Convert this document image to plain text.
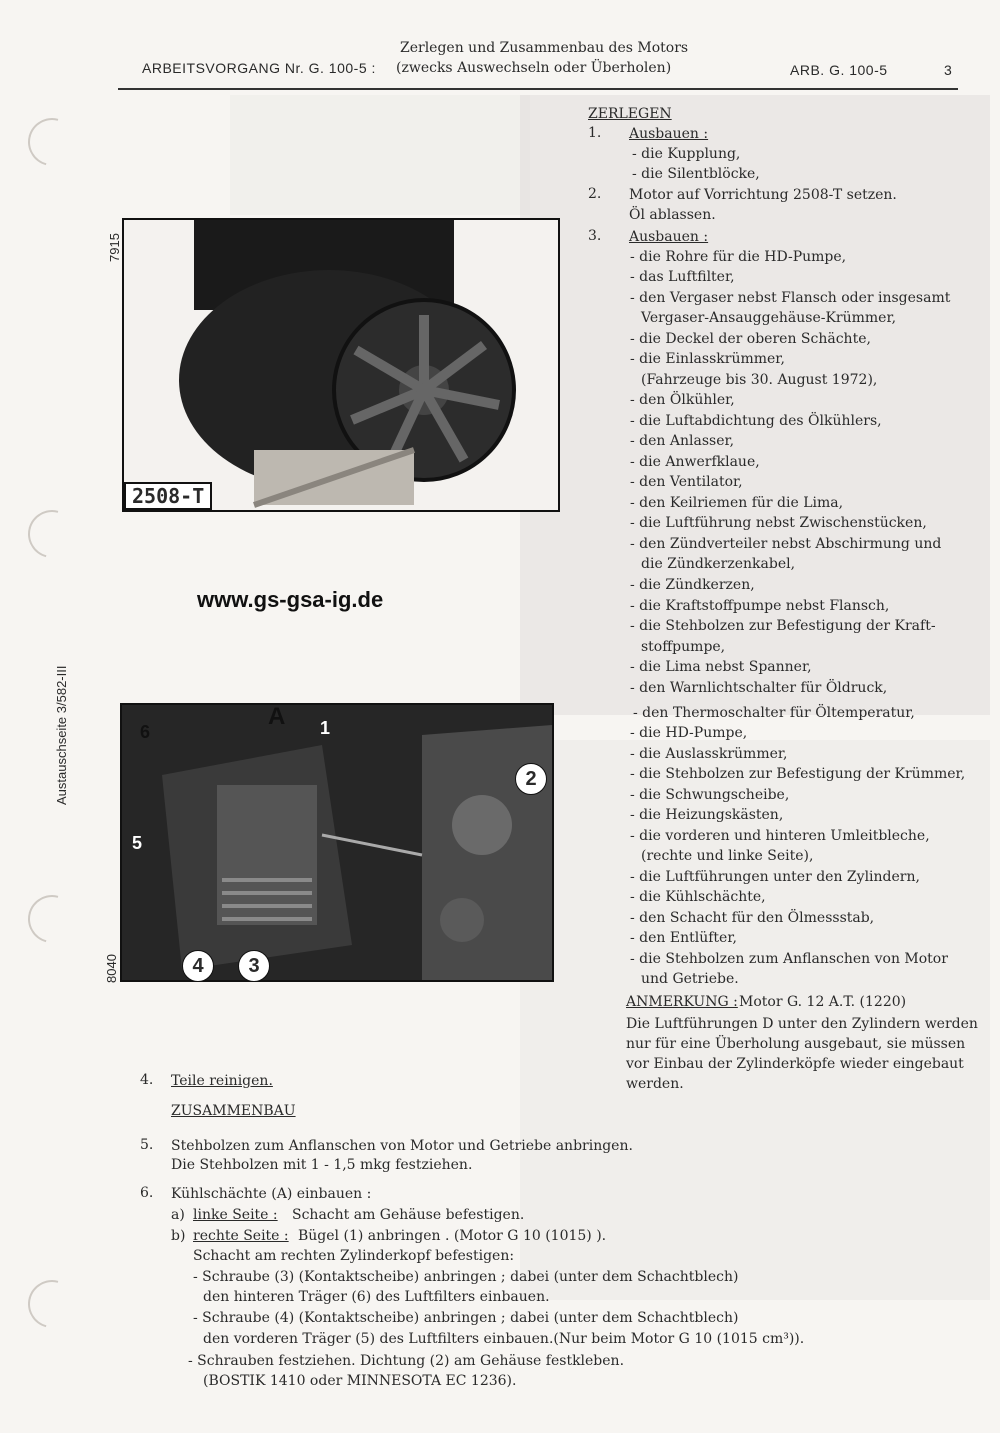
ARBEITSVORGANG Nr. G. 100-5 :
Zerlegen und Zusammenbau des Motors
(zwecks Auswechseln oder Überholen)	ARB. G. 100-5	3
2508-T
7915
www.gs-gsa-ig.de
Austauschseite 3/582-III	6
A 1
2
5
4	3
8040
ZERLEGEN
1. Ausbauen :
- die Kupplung,
- die Silentblöcke,
2. Motor auf Vorrichtung 2508-T setzen.
Öl ablassen.
3. Ausbauen :
- die Rohre für die HD-Pumpe,
- das Luftfilter,
- den Vergaser nebst Flansch oder insgesamt
Vergaser-Ansauggehäuse-Krümmer,
- die Deckel der oberen Schächte,
- die Einlasskrümmer,
(Fahrzeuge bis 30. August 1972),
- den Ölkühler,
- die Luftabdichtung des Ölkühlers,
- den Anlasser,
- die Anwerfklaue,
- den Ventilator,
- den Keilriemen für die Lima,
- die Luftführung nebst Zwischenstücken,
- den Zündverteiler nebst Abschirmung und
die Zündkerzenkabel,
- die Zündkerzen,
- die Kraftstoffpumpe nebst Flansch,
- die Stehbolzen zur Befestigung der Kraft-
stoffpumpe,
- die Lima nebst Spanner,
- den Warnlichtschalter für Öldruck,
- den Thermoschalter für Öltemperatur,
- die HD-Pumpe,
- die Auslasskrümmer,
- die Stehbolzen zur Befestigung der Krümmer,
- die Schwungscheibe,
- die Heizungskästen,
- die vorderen und hinteren Umleitbleche,
(rechte und linke Seite),
- die Luftführungen unter den Zylindern,
- die Kühlschächte,
- den Schacht für den Ölmessstab,
- den Entlüfter,
- die Stehbolzen zum Anflanschen von Motor
und Getriebe.
ANMERKUNG : Motor G. 12 A.T. (1220)
Die Luftführungen D unter den Zylindern werden
nur für eine Überholung ausgebaut, sie müssen
vor Einbau der Zylinderköpfe wieder eingebaut
werden.
4. Teile reinigen.
ZUSAMMENBAU
5. Stehbolzen zum Anflanschen von Motor und Getriebe anbringen.
Die Stehbolzen mit 1 - 1,5 mkg festziehen.
6. Kühlschächte (A) einbauen :
a) linke Seite : Schacht am Gehäuse befestigen.
b) rechte Seite : Bügel (1) anbringen . (Motor G 10 (1015) ).
Schacht am rechten Zylinderkopf befestigen:
- Schraube (3) (Kontaktscheibe) anbringen ; dabei (unter dem Schachtblech)
den hinteren Träger (6) des Luftfilters einbauen.
- Schraube (4) (Kontaktscheibe) anbringen ; dabei (unter dem Schachtblech)
den vorderen Träger (5) des Luftfilters einbauen.(Nur beim Motor G 10 (1015 cm³)).
- Schrauben festziehen. Dichtung (2) am Gehäuse festkleben.
(BOSTIK 1410 oder MINNESOTA EC 1236).
